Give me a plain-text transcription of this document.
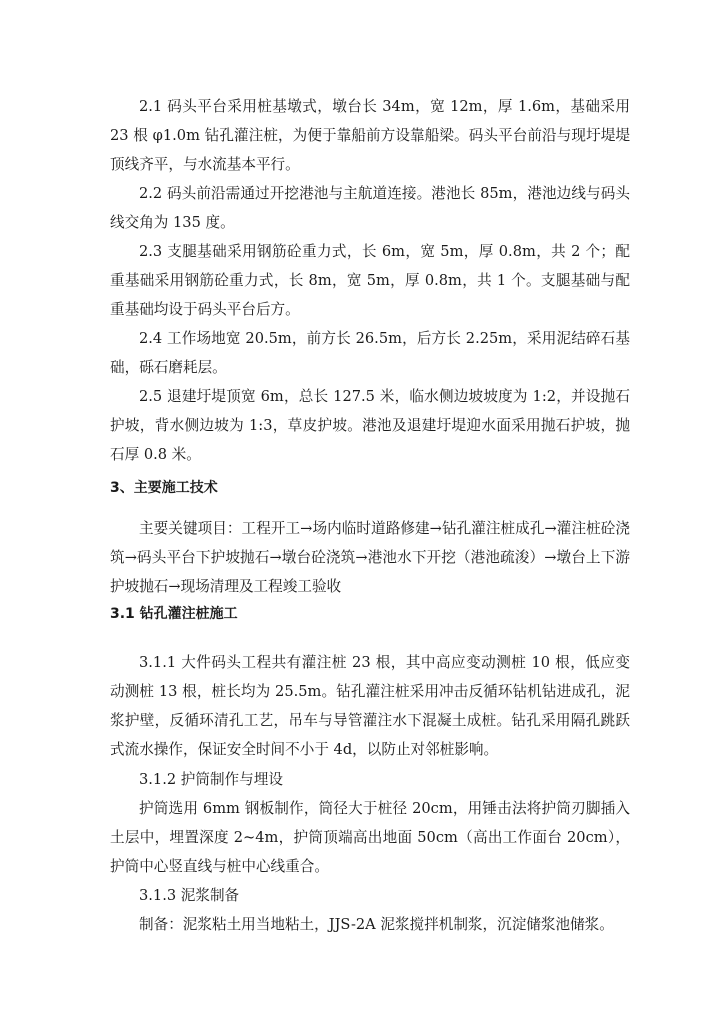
2.1 码头平台采用桩基墩式，墩台长 34m，宽 12m，厚 1.6m，基础采用 23 根 φ1.0m 钻孔灌注桩，为便于靠船前方设靠船梁。码头平台前沿与现圩堤堤顶线齐平，与水流基本平行。

2.2 码头前沿需通过开挖港池与主航道连接。港池长 85m，港池边线与码头线交角为 135 度。

2.3 支腿基础采用钢筋砼重力式，长 6m，宽 5m，厚 0.8m，共 2 个；配重基础采用钢筋砼重力式，长 8m，宽 5m，厚 0.8m，共 1 个。支腿基础与配重基础均设于码头平台后方。

2.4 工作场地宽 20.5m，前方长 26.5m，后方长 2.25m，采用泥结碎石基础，砾石磨耗层。

2.5 退建圩堤顶宽 6m，总长 127.5 米，临水侧边坡坡度为 1:2，并设抛石护坡，背水侧边坡为 1:3，草皮护坡。港池及退建圩堤迎水面采用抛石护坡，抛石厚 0.8 米。

3、主要施工技术

主要关键项目：工程开工→场内临时道路修建→钻孔灌注桩成孔→灌注桩砼浇筑→码头平台下护坡抛石→墩台砼浇筑→港池水下开挖（港池疏浚）→墩台上下游护坡抛石→现场清理及工程竣工验收

3.1 钻孔灌注桩施工

3.1.1 大件码头工程共有灌注桩 23 根，其中高应变动测桩 10 根，低应变动测桩 13 根，桩长均为 25.5m。钻孔灌注桩采用冲击反循环钻机钻进成孔，泥浆护壁，反循环清孔工艺，吊车与导管灌注水下混凝土成桩。钻孔采用隔孔跳跃式流水操作，保证安全时间不小于 4d，以防止对邻桩影响。

3.1.2 护筒制作与埋设

护筒选用 6mm 钢板制作，筒径大于桩径 20cm，用锤击法将护筒刃脚插入土层中，埋置深度 2~4m，护筒顶端高出地面 50cm（高出工作面台 20cm），护筒中心竖直线与桩中心线重合。

3.1.3 泥浆制备

制备：泥浆粘土用当地粘土，JJS-2A 泥浆搅拌机制浆，沉淀储浆池储浆。
